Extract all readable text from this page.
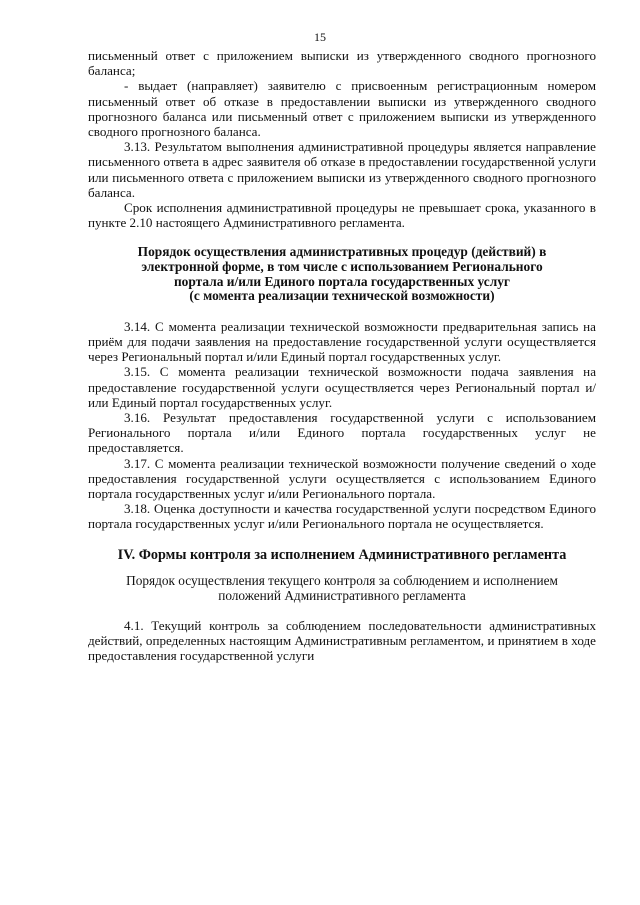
15

письменный ответ с приложением выписки из утвержденного сводного прогнозного баланса;

- выдает (направляет) заявителю с присвоенным регистрационным номером письменный ответ об отказе в предоставлении выписки из утвержденного сводного прогнозного баланса или письменный ответ с приложением выписки из утвержденного сводного прогнозного баланса.

3.13. Результатом выполнения административной процедуры является направление письменного ответа в адрес заявителя об отказе в предоставлении государственной услуги или письменного ответа с приложением выписки из утвержденного сводного прогнозного баланса.

Срок исполнения административной процедуры не превышает срока, указанного в пункте 2.10 настоящего Административного регламента.

Порядок осуществления административных процедур (действий) в

электронной форме, в том числе с использованием Регионального

портала и/или Единого портала государственных услуг

(с момента реализации технической возможности)

3.14. С момента реализации технической возможности предварительная запись на приём для подачи заявления на предоставление государственной услуги осуществляется через Региональный портал и/или Единый портал государственных услуг.

3.15. С момента реализации технической возможности подача заявления на предоставление государственной услуги осуществляется через Региональный портал и/или Единый портал государственных услуг.

3.16. Результат предоставления государственной услуги с использованием Регионального портала и/или Единого портала государственных услуг не предоставляется.

3.17. С момента реализации технической возможности получение сведений о ходе предоставления государственной услуги осуществляется с использованием Единого портала государственных услуг и/или Регионального портала.

3.18. Оценка доступности и качества государственной услуги посредством Единого портала государственных услуг и/или Регионального портала не осуществляется.

IV. Формы контроля за исполнением Административного регламента

Порядок осуществления текущего контроля за соблюдением и исполнением

положений Административного регламента

4.1. Текущий контроль за соблюдением последовательности административных действий, определенных настоящим Административным регламентом, и принятием в ходе предоставления государственной услуги
